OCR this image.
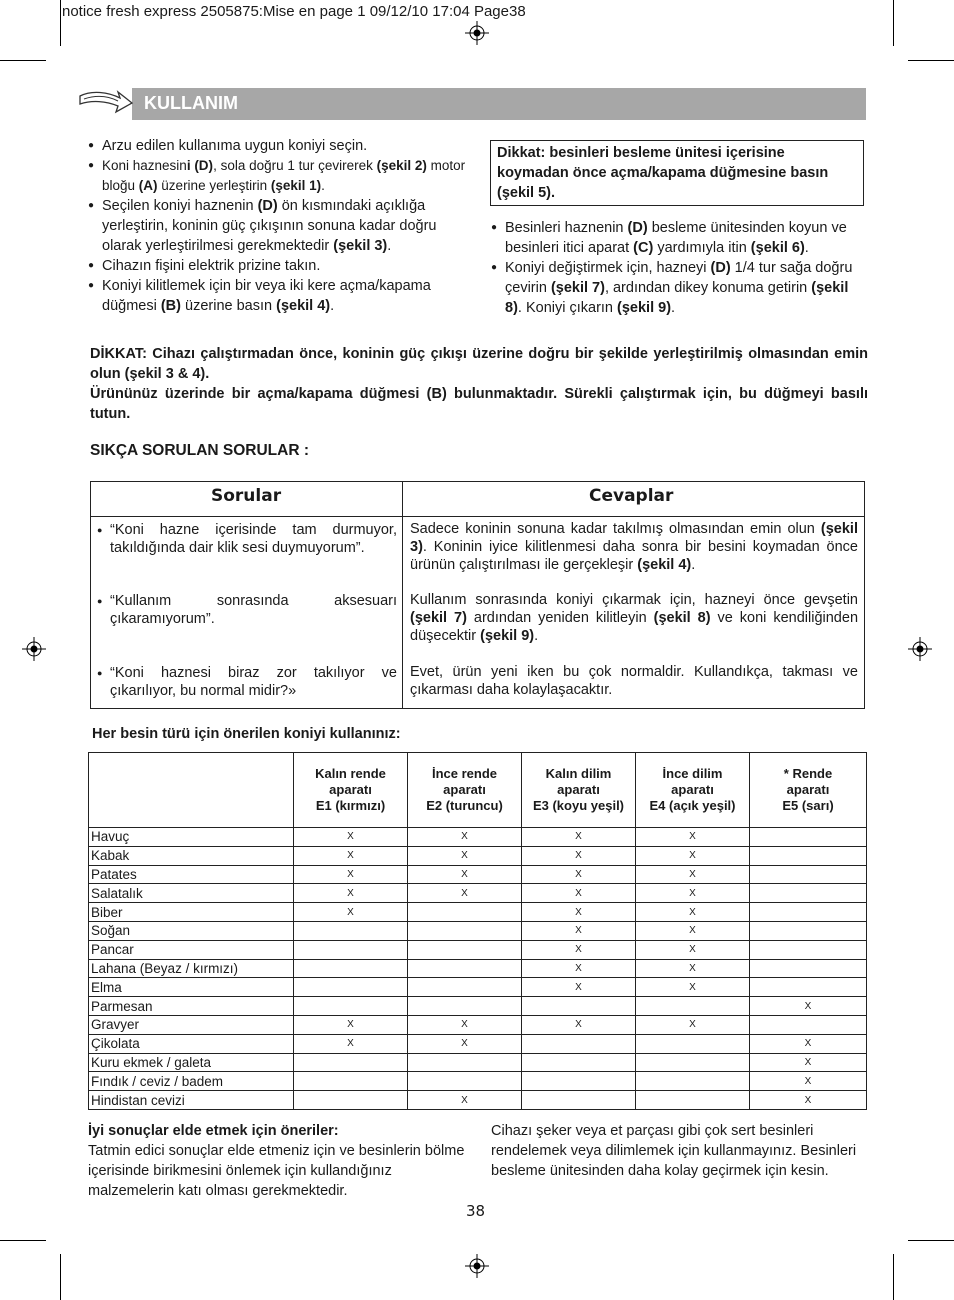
notice fresh express 2505875:Mise en page 1 09/12/10 17:04 Page38
KULLANIM
● Arzu edilen kullanıma uygun koniyi seçin.
● Koni haznesini (D), sola doğru 1 tur çevirerek (şekil 2) motor bloğu (A) üzerine yerleştirin (şekil 1).
● Seçilen koniyi haznenin (D) ön kısmındaki açıklığa yerleştirin, koninin güç çıkışının sonuna kadar doğru olarak yerleştirilmesi gerekmektedir (şekil 3).
● Cihazın fişini elektrik prizine takın.
● Koniyi kilitlemek için bir veya iki kere açma/kapama düğmesi (B) üzerine basın (şekil 4).
Dikkat: besinleri besleme ünitesi içerisine koymadan önce açma/kapama düğmesine basın (şekil 5).
● Besinleri haznenin (D) besleme ünitesinden koyun ve besinleri itici aparat (C) yardımıyla itin (şekil 6).
● Koniyi değiştirmek için, hazneyi (D) 1/4 tur sağa doğru çevirin (şekil 7), ardından dikey konuma getirin (şekil 8). Koniyi çıkarın (şekil 9).
DİKKAT: Cihazı çalıştırmadan önce, koninin güç çıkışı üzerine doğru bir şekilde yerleştirilmiş olmasından emin olun (şekil 3 & 4).
Ürününüz üzerinde bir açma/kapama düğmesi (B) bulunmaktadır. Sürekli çalıştırmak için, bu düğmeyi basılı tutun.
SIKÇA SORULAN SORULAR :
Sorular	Cevaplar
● “Koni hazne içerisinde tam durmuyor, takıldığında dair klik sesi duymuyorum”.
Sadece koninin sonuna kadar takılmış olmasından emin olun (şekil 3). Koninin iyice kilitlenmesi daha sonra bir besini koymadan önce ürünün çalıştırılması ile gerçekleşir (şekil 4).
● “Kullanım sonrasında aksesuarı çıkaramıyorum”.
Kullanım sonrasında koniyi çıkarmak için, hazneyi önce gevşetin (şekil 7) ardından yeniden kilitleyin (şekil 8) ve koni kendiliğinden düşecektir (şekil 9).
● “Koni haznesi biraz zor takılıyor ve çıkarılıyor, bu normal midir?»
Evet, ürün yeni iken bu çok normaldir. Kullandıkça, takması ve çıkarması daha kolaylaşacaktır.
Her besin türü için önerilen koniyi kullanınız:
	Kalın rende
aparatı
E1 (kırmızı)	İnce rende
aparatı
E2 (turuncu)	Kalın dilim
aparatı
E3 (koyu yeşil)	İnce dilim
aparatı
E4 (açık yeşil)	* Rende
aparatı
E5 (sarı)
Havuç	X	X	X	X	
Kabak	X	X	X	X	
Patates	X	X	X	X	
Salatalık	X	X	X	X	
Biber	X		X	X	
Soğan			X	X	
Pancar			X	X	
Lahana (Beyaz / kırmızı)			X	X	
Elma			X	X	
Parmesan					X
Gravyer	X	X	X	X	
Çikolata	X	X			X
Kuru ekmek / galeta					X
Fındık / ceviz / badem					X
Hindistan cevizi		X			X
İyi sonuçlar elde etmek için öneriler:
Tatmin edici sonuçlar elde etmeniz için ve besinlerin bölme içerisinde birikmesini önlemek için kullandığınız malzemelerin katı olması gerekmektedir.
Cihazı şeker veya et parçası gibi çok sert besinleri rendelemek veya dilimlemek için kullanmayınız. Besinleri besleme ünitesinden daha kolay geçirmek için kesin.
38
